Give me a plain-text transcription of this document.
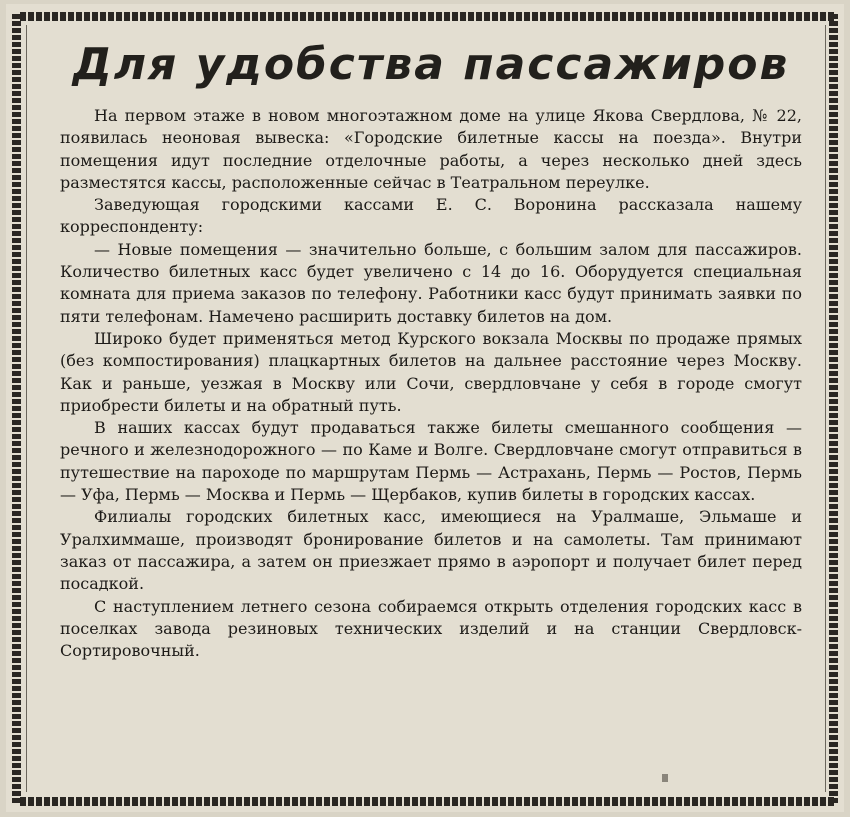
Для удобства пассажиров

На первом этаже в новом многоэтажном доме на улице Якова Свердлова, № 22, появилась неоновая вывеска: «Городские билетные кассы на поезда». Внутри помещения идут последние отделочные работы, а через несколько дней здесь разместятся кассы, расположенные сейчас в Театральном переулке.

Заведующая городскими кассами Е. С. Воронина рассказала нашему корреспонденту:

— Новые помещения — значительно больше, с большим залом для пассажиров. Количество билетных касс будет увеличено с 14 до 16. Оборудуется специальная комната для приема заказов по телефону. Работники касс будут принимать заявки по пяти телефонам. Намечено расширить доставку билетов на дом.

Широко будет применяться метод Курского вокзала Москвы по продаже прямых (без компостирования) плацкартных билетов на дальнее расстояние через Москву. Как и раньше, уезжая в Москву или Сочи, свердловчане у себя в городе смогут приобрести билеты и на обратный путь.

В наших кассах будут продаваться также билеты смешанного сообщения — речного и железнодорожного — по Каме и Волге. Свердловчане смогут отправиться в путешествие на пароходе по маршрутам Пермь — Астрахань, Пермь — Ростов, Пермь — Уфа, Пермь — Москва и Пермь — Щербаков, купив билеты в городских кассах.

Филиалы городских билетных касс, имеющиеся на Уралмаше, Эльмаше и Уралхиммаше, производят бронирование билетов и на самолеты. Там принимают заказ от пассажира, а затем он приезжает прямо в аэропорт и получает билет перед посадкой.

С наступлением летнего сезона собираемся открыть отделения городских касс в поселках завода резиновых технических изделий и на станции Свердловск-Сортировочный.
